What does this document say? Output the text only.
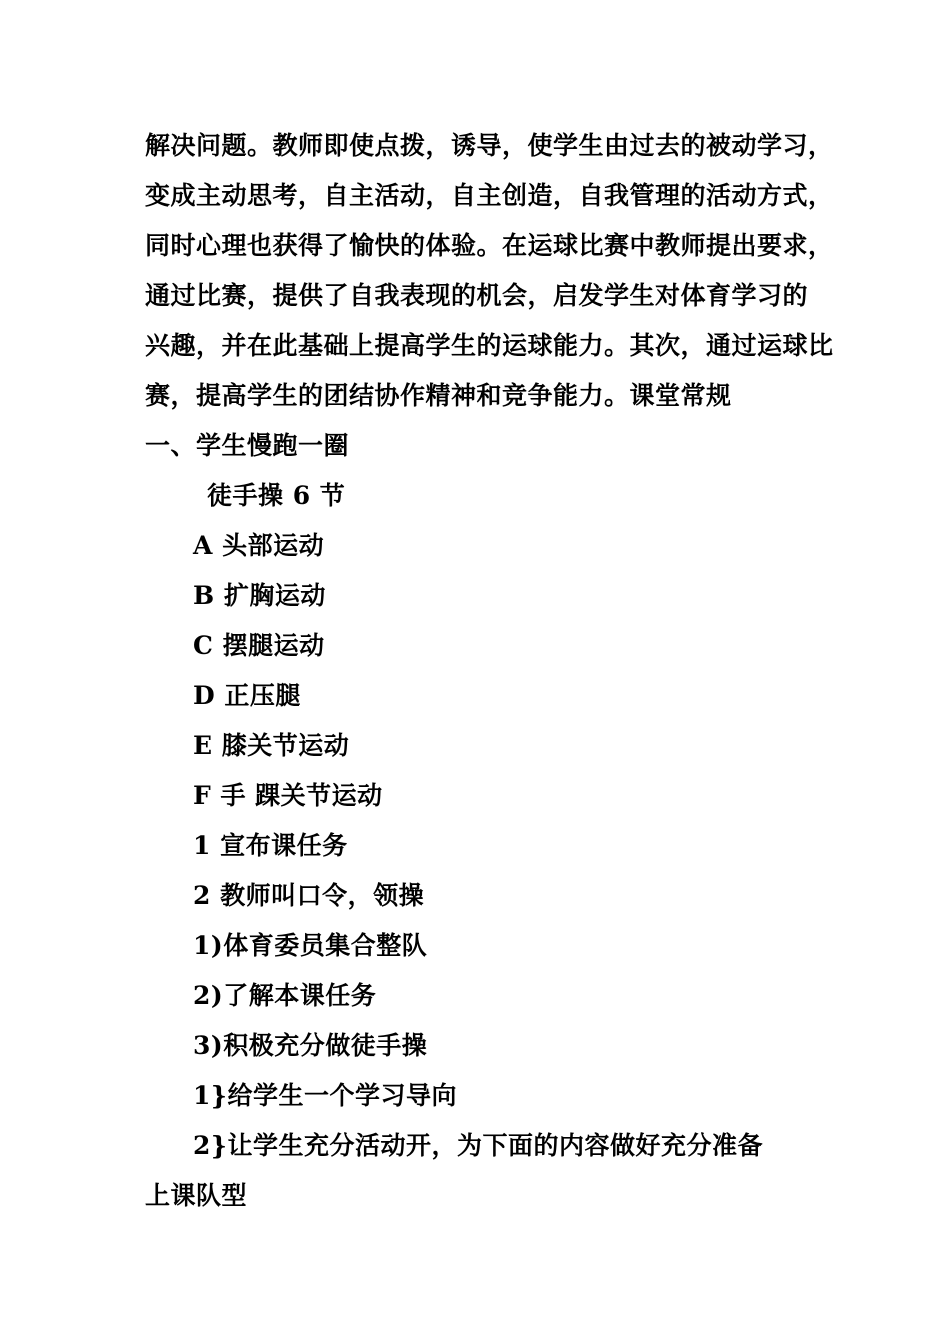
解决问题。教师即使点拨，诱导，使学生由过去的被动学习，
变成主动思考，自主活动，自主创造，自我管理的活动方式，
同时心理也获得了愉快的体验。在运球比赛中教师提出要求，
通过比赛，提供了自我表现的机会，启发学生对体育学习的
兴趣，并在此基础上提高学生的运球能力。其次，通过运球比
赛，提高学生的团结协作精神和竞争能力。课堂常规
一、学生慢跑一圈
徒手操 6 节
A 头部运动
B 扩胸运动
C 摆腿运动
D 正压腿
E 膝关节运动
F 手 踝关节运动
1 宣布课任务
2 教师叫口令，领操
1)体育委员集合整队
2)了解本课任务
3)积极充分做徒手操
1}给学生一个学习导向
2}让学生充分活动开，为下面的内容做好充分准备
上课队型
